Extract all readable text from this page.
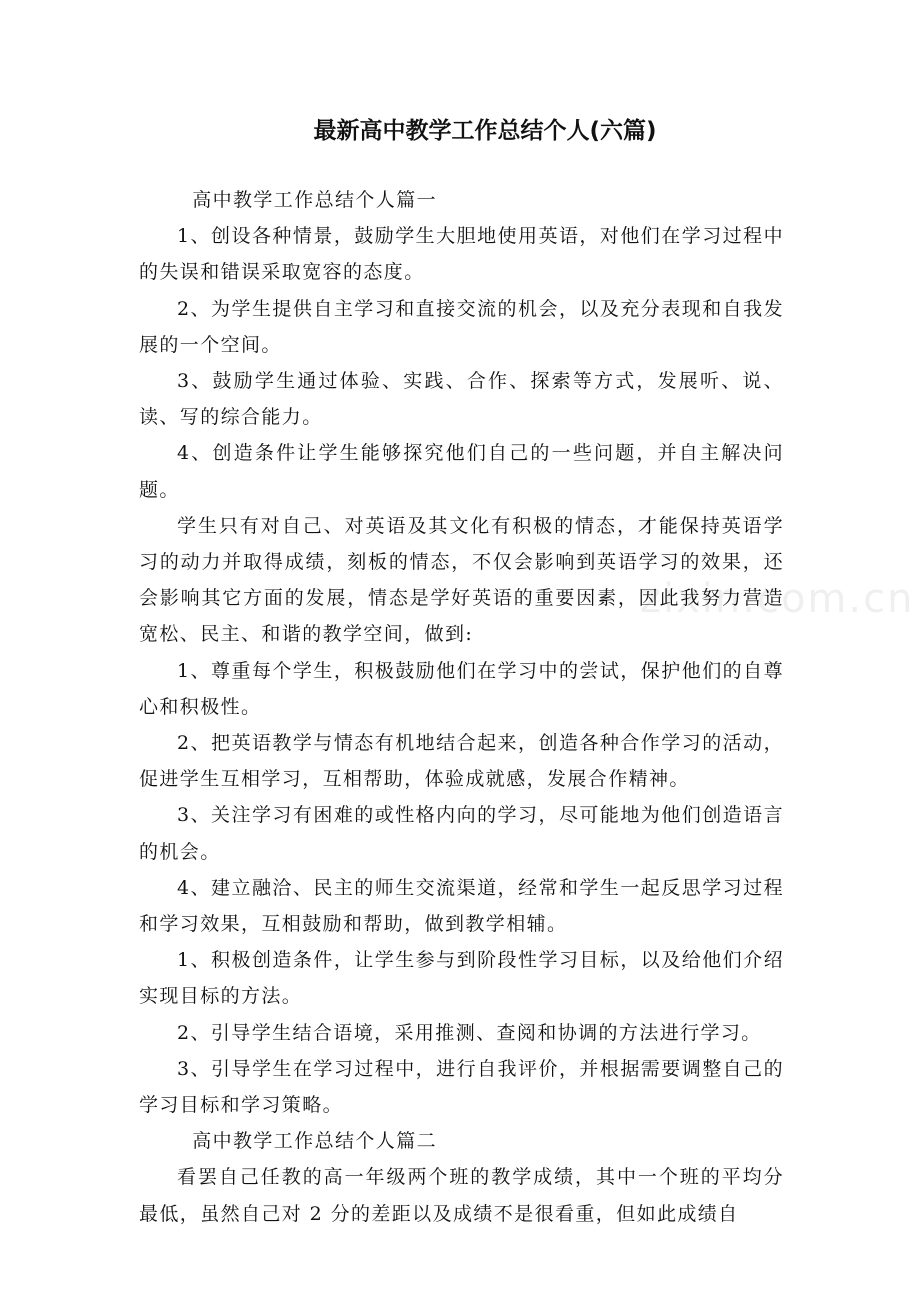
最新高中教学工作总结个人(六篇)

高中教学工作总结个人篇一

1、创设各种情景，鼓励学生大胆地使用英语，对他们在学习过程中的失误和错误采取宽容的态度。

2、为学生提供自主学习和直接交流的机会，以及充分表现和自我发展的一个空间。

3、鼓励学生通过体验、实践、合作、探索等方式，发展听、说、读、写的综合能力。

4、创造条件让学生能够探究他们自己的一些问题，并自主解决问题。

学生只有对自己、对英语及其文化有积极的情态，才能保持英语学习的动力并取得成绩，刻板的情态，不仅会影响到英语学习的效果，还会影响其它方面的发展，情态是学好英语的重要因素，因此我努力营造宽松、民主、和谐的教学空间，做到:

1、尊重每个学生，积极鼓励他们在学习中的尝试，保护他们的自尊心和积极性。

2、把英语教学与情态有机地结合起来，创造各种合作学习的活动，促进学生互相学习，互相帮助，体验成就感，发展合作精神。

3、关注学习有困难的或性格内向的学习，尽可能地为他们创造语言的机会。

4、建立融洽、民主的师生交流渠道，经常和学生一起反思学习过程和学习效果，互相鼓励和帮助，做到教学相辅。

1、积极创造条件，让学生参与到阶段性学习目标，以及给他们介绍实现目标的方法。

2、引导学生结合语境，采用推测、查阅和协调的方法进行学习。

3、引导学生在学习过程中，进行自我评价，并根据需要调整自己的学习目标和学习策略。

高中教学工作总结个人篇二

看罢自己任教的高一年级两个班的教学成绩，其中一个班的平均分最低，虽然自己对 2 分的差距以及成绩不是很看重，但如此成绩自

zixin.com.cn
